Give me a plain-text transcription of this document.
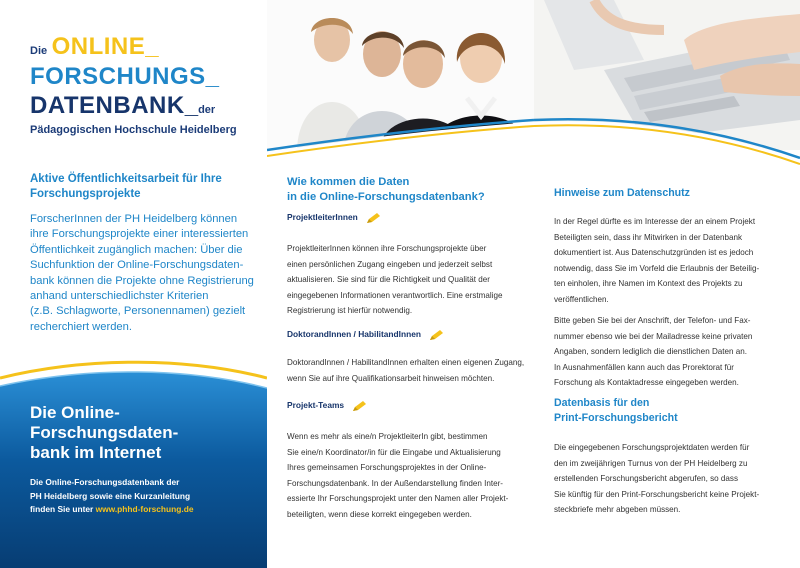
Die ONLINE_
FORSCHUNGS_
DATENBANK_der
Pädagogischen Hochschule Heidelberg
Aktive Öffentlichkeitsarbeit für Ihre
Forschungsprojekte
ForscherInnen der PH Heidelberg können
ihre Forschungsprojekte einer interessierten
Öffentlichkeit zugänglich machen: Über die
Suchfunktion der Online-Forschungsdaten-
bank können die Projekte ohne Registrierung
anhand unterschiedlichster Kriterien
(z.B. Schlagworte, Personennamen) gezielt
recherchiert werden.
Die Online-
Forschungsdaten-
bank im Internet
Die Online-Forschungsdatenbank der
PH Heidelberg sowie eine Kurzanleitung
finden Sie unter www.phhd-forschung.de
Wie kommen die Daten
in die Online-Forschungsdatenbank?
ProjektleiterInnen
ProjektleiterInnen können ihre Forschungsprojekte über
einen persönlichen Zugang eingeben und jederzeit selbst
aktualisieren. Sie sind für die Richtigkeit und Qualität der
eingegebenen Informationen verantwortlich. Eine erstmalige
Registrierung ist hierfür notwendig.
DoktorandInnen / HabilitandInnen
DoktorandInnen / HabilitandInnen erhalten einen eigenen Zugang,
wenn Sie auf ihre Qualifikationsarbeit hinweisen möchten.
Projekt-Teams
Wenn es mehr als eine/n ProjektleiterIn gibt, bestimmen
Sie eine/n Koordinator/in für die Eingabe und Aktualisierung
Ihres gemeinsamen Forschungsprojektes in der Online-
Forschungsdatenbank. In der Außendarstellung finden Inter-
essierte Ihr Forschungsprojekt unter den Namen aller Projekt-
beteiligten, wenn diese korrekt eingegeben werden.
Hinweise zum Datenschutz
In der Regel dürfte es im Interesse der an einem Projekt
Beteiligten sein, dass ihr Mitwirken in der Datenbank
dokumentiert ist. Aus Datenschutzgründen ist es jedoch
notwendig, dass Sie im Vorfeld die Erlaubnis der Beteilig-
ten einholen, ihre Namen im Kontext des Projekts zu
veröffentlichen.
Bitte geben Sie bei der Anschrift, der Telefon- und Fax-
nummer ebenso wie bei der Mailadresse keine privaten
Angaben, sondern lediglich die dienstlichen Daten an.
In Ausnahmenfällen kann auch das Prorektorat für
Forschung als Kontaktadresse eingegeben werden.
Datenbasis für den
Print-Forschungsbericht
Die eingegebenen Forschungsprojektdaten werden für
den im zweijährigen Turnus von der PH Heidelberg zu
erstellenden Forschungsbericht abgerufen, so dass
Sie künftig für den Print-Forschungsbericht keine Projekt-
steckbriefe mehr abgeben müssen.
